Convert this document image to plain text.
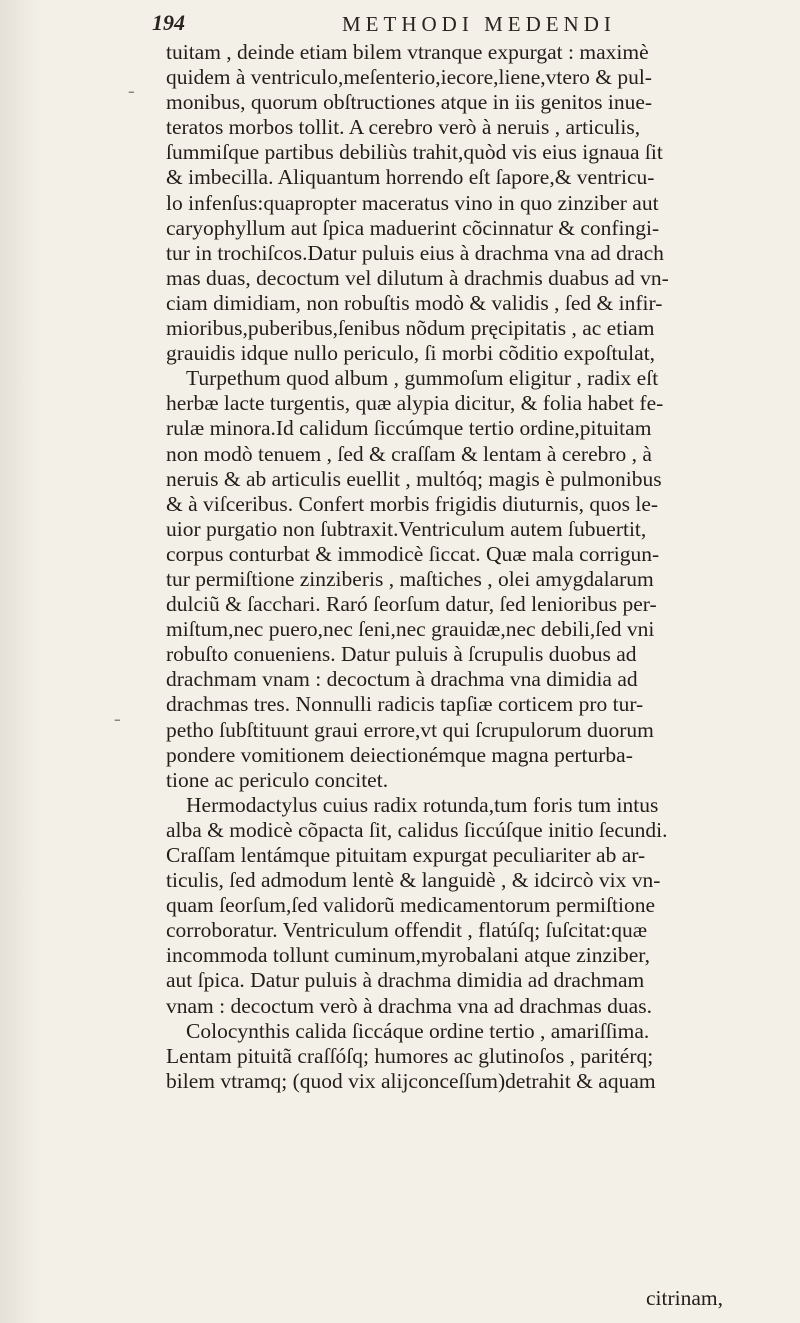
194	METHODI MEDENDI
tuitam , deinde etiam bilem vtranque expurgat : maximè
quidem à ventriculo,meſenterio,iecore,liene,vtero & pul-
monibus, quorum obſtructiones atque in iis genitos inue-
teratos morbos tollit. A cerebro verò à neruis , articulis,
ſummiſque partibus debiliùs trahit,quòd vis eius ignaua ſit
& imbecilla. Aliquantum horrendo eſt ſapore,& ventricu-
lo infenſus:quapropter maceratus vino in quo zinziber aut
caryophyllum aut ſpica maduerint cõcinnatur & confingi-
tur in trochiſcos.Datur puluis eius à drachma vna ad drach
mas duas, decoctum vel dilutum à drachmis duabus ad vn-
ciam dimidiam, non robuſtis modò & validis , ſed & infir-
mioribus,puberibus,ſenibus nõdum pręcipitatis , ac etiam
grauidis idque nullo periculo, ſi morbi cõditio expoſtulat,
Turpethum quod album , gummoſum eligitur , radix eſt
herbæ lacte turgentis, quæ alypia dicitur, & folia habet fe-
rulæ minora.Id calidum ſiccúmque tertio ordine,pituitam
non modò tenuem , ſed & craſſam & lentam à cerebro , à
neruis & ab articulis euellit , multóq; magis è pulmonibus
& à viſceribus. Confert morbis frigidis diuturnis, quos le-
uior purgatio non ſubtraxit.Ventriculum autem ſubuertit,
corpus conturbat & immodicè ſiccat. Quæ mala corrigun-
tur permiſtione zinziberis , maſtiches , olei amygdalarum
dulciũ & ſacchari. Raró ſeorſum datur, ſed lenioribus per-
miſtum,nec puero,nec ſeni,nec grauidæ,nec debili,ſed vni
robuſto conueniens. Datur puluis à ſcrupulis duobus ad
drachmam vnam : decoctum à drachma vna dimidia ad
drachmas tres. Nonnulli radicis tapſiæ corticem pro tur-
petho ſubſtituunt graui errore,vt qui ſcrupulorum duorum
pondere vomitionem deiectionémque magna perturba-
tione ac periculo concitet.
Hermodactylus cuius radix rotunda,tum foris tum intus
alba & modicè cõpacta ſit, calidus ſiccúſque initio ſecundi.
Craſſam lentámque pituitam expurgat peculiariter ab ar-
ticulis, ſed admodum lentè & languidè , & idcircò vix vn-
quam ſeorſum,ſed validorũ medicamentorum permiſtione
corroboratur. Ventriculum offendit , flatúſq; ſuſcitat:quæ
incommoda tollunt cuminum,myrobalani atque zinziber,
aut ſpica. Datur puluis à drachma dimidia ad drachmam
vnam : decoctum verò à drachma vna ad drachmas duas.
Colocynthis calida ſiccáque ordine tertio , amariſſima.
Lentam pituitã craſſóſq; humores ac glutinoſos , paritérq;
bilem vtramq; (quod vix alijconceſſum)detrahit & aquam
citrinam,
-
-
